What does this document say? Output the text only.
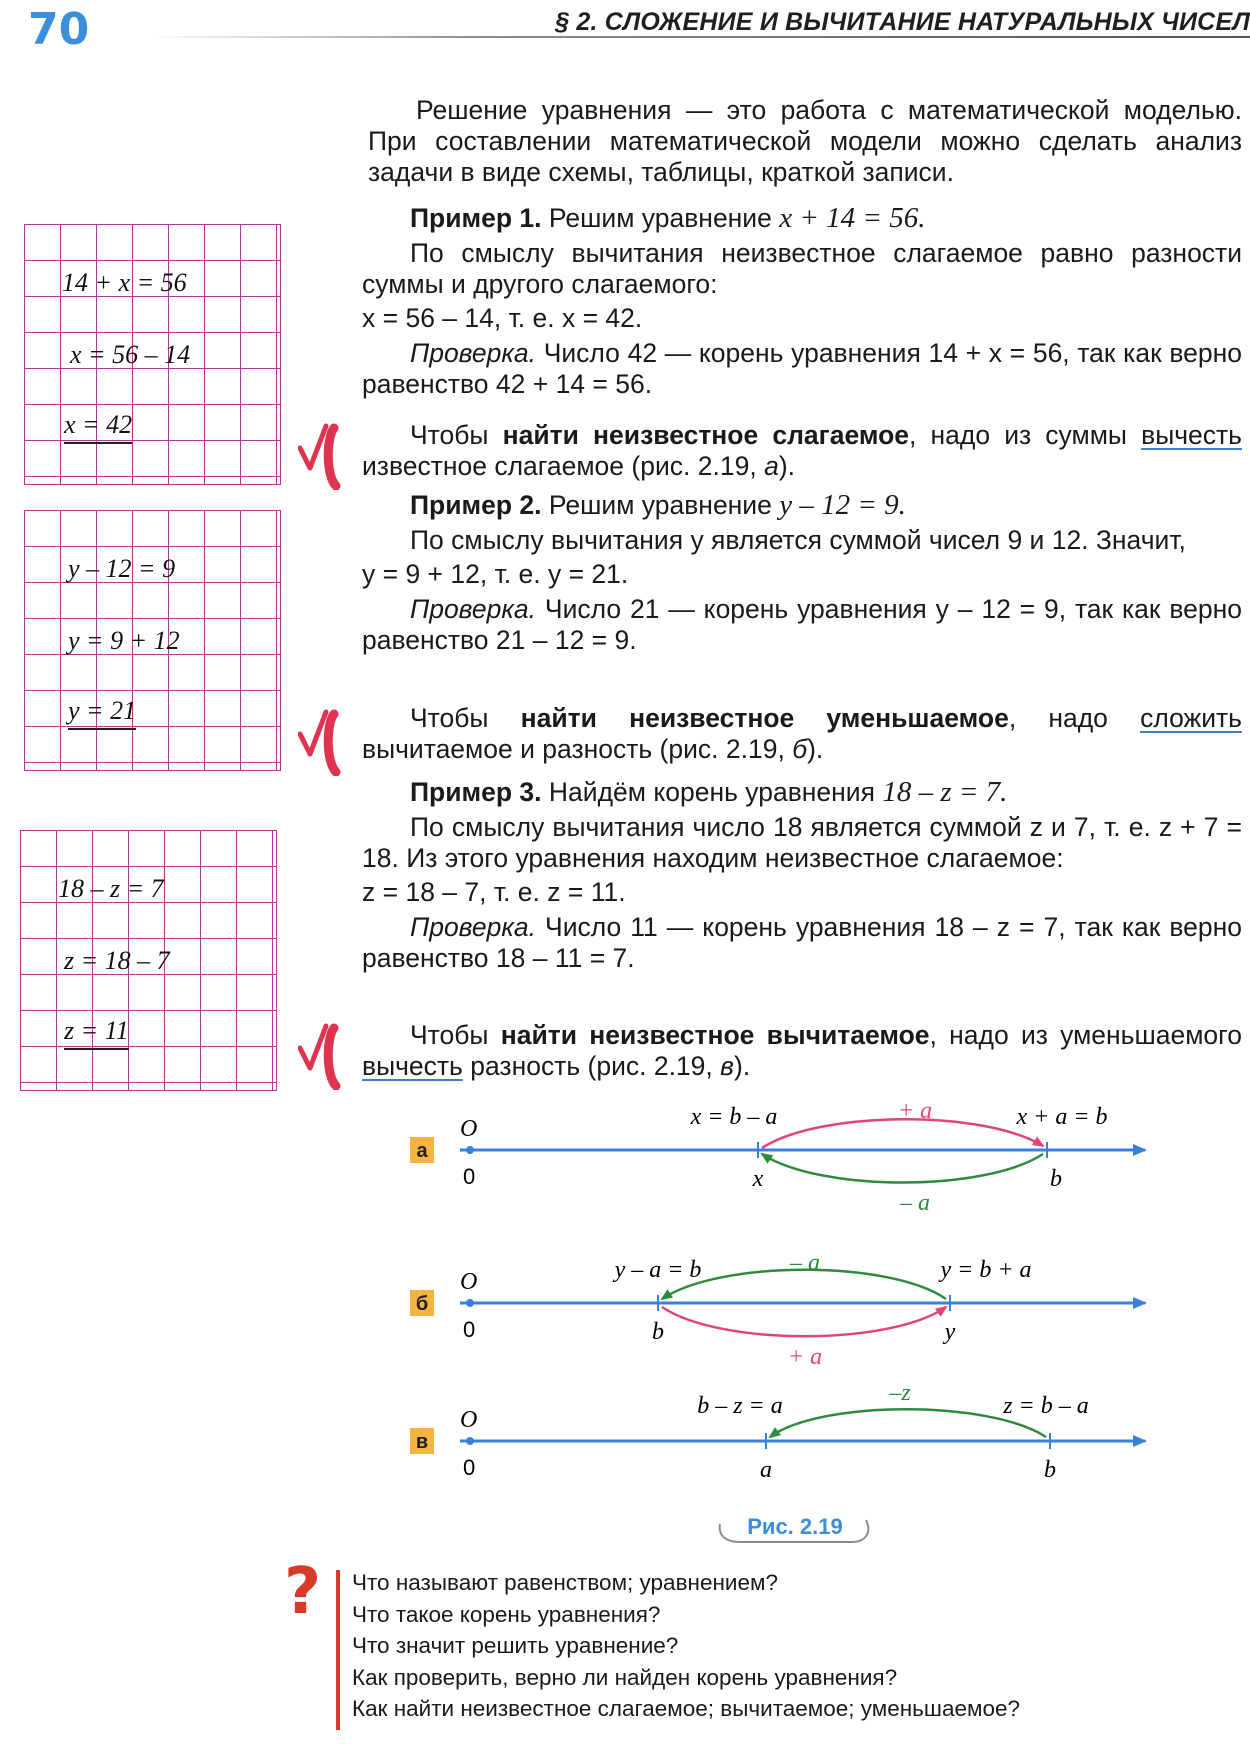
70	§ 2. СЛОЖЕНИЕ И ВЫЧИТАНИЕ НАТУРАЛЬНЫХ ЧИСЕЛ

Решение уравнения — это работа с математической моделью. При составлении математической модели можно сделать анализ задачи в виде схемы, таблицы, краткой записи.

Пример 1. Решим уравнение x + 14 = 56.

По смыслу вычитания неизвестное слагаемое равно разности суммы и другого слагаемого:

x = 56 – 14, т. е. x = 42.

Проверка. Число 42 — корень уравнения 14 + x = 56, так как верно равенство 42 + 14 = 56.

Чтобы найти неизвестное слагаемое, надо из суммы вычесть известное слагаемое (рис. 2.19, а).

Пример 2. Решим уравнение y – 12 = 9.

По смыслу вычитания y является суммой чисел 9 и 12. Значит,

y = 9 + 12, т. е. y = 21.

Проверка. Число 21 — корень уравнения y – 12 = 9, так как верно равенство 21 – 12 = 9.

Чтобы найти неизвестное уменьшаемое, надо сложить вычитаемое и разность (рис. 2.19, б).

Пример 3. Найдём корень уравнения 18 – z = 7.

По смыслу вычитания число 18 является суммой z и 7, т. е. z + 7 = 18. Из этого уравнения находим неизвестное слагаемое:

z = 18 – 7, т. е. z = 11.

Проверка. Число 11 — корень уравнения 18 – z = 7, так как верно равенство 18 – 11 = 7.

Чтобы найти неизвестное вычитаемое, надо из уменьшаемого вычесть разность (рис. 2.19, в).

14 + x = 56
x = 56 – 14
x = 42
y – 12 = 9
y = 9 + 12
y = 21
18 – z = 7
z = 18 – 7
z = 11
а
O
0	x	b
x = b – a	x + a = b
+ a
– a
б
O
0	b	y
y – a = b	y = b + a
– a
+ a
в
O
0	a	b
b – z = a	z = b – a
–z
Рис. 2.19
? Что называют равенством; уравнением?
Что такое корень уравнения?
Что значит решить уравнение?
Как проверить, верно ли найден корень уравнения?
Как найти неизвестное слагаемое; вычитаемое; уменьшаемое?
